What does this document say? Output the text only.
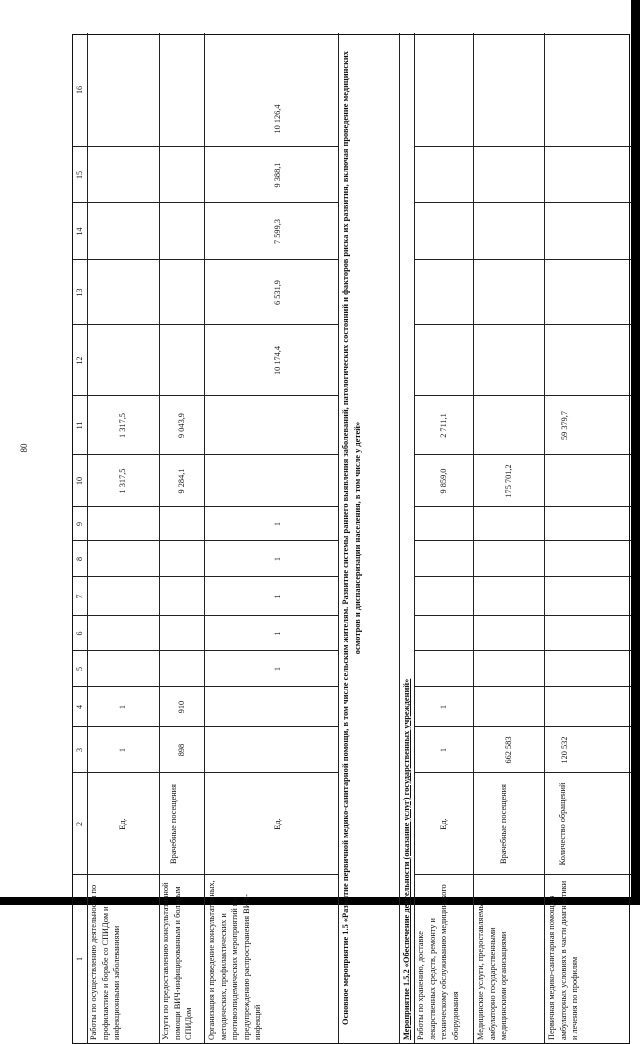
80
1
2
3
4
5
6
7
8
9
10
11
12
13
14
15
16
Работы по осуществлению деятельности по профилактике и борьбе со СПИДом и инфекционными заболеваниями
Ед.
1
1
1 317,5
1 317,5
Услуги по предоставлению консультативной помощи ВИЧ-инфицированным и больным СПИДом
Врачебные посещения
898
910
9 284,1
9 043,9
Организация и проведение консультативных, методических, профилактических и противоэпидемических мероприятий по предупреждению распространения ВИЧ-инфекций
Ед.
1
1
1
1
1
10 174,4
6 531,9
7 599,3
9 388,1
10 126,4	Основное мероприятие 1.5 «Развитие первичной медико-санитарной помощи, в том числе сельским жителям. Развитие системы раннего выявления заболеваний, патологических состояний и факторов риска их развития, включая проведение медицинских осмотров и диспансеризации населения, в том числе у детей»
Мероприятие 1.5.2 «Обеспечение деятельности (оказание услуг) государственных учреждений» Работы по хранению, доставке лекарственных средств, ремонту и техническому обслуживанию медицинского оборудования
Ед.
1
1
9 859,0
2 711,1
Медицинские услуги, предоставляемые амбулаторно государственными медицинскими организациями
Врачебные посещения
662 583
175 701,2
Первичная медико-санитарная помощь в амбулаторных условиях в части диагностики и лечения по профилям
Количество обращений
120 532
59 379,7
